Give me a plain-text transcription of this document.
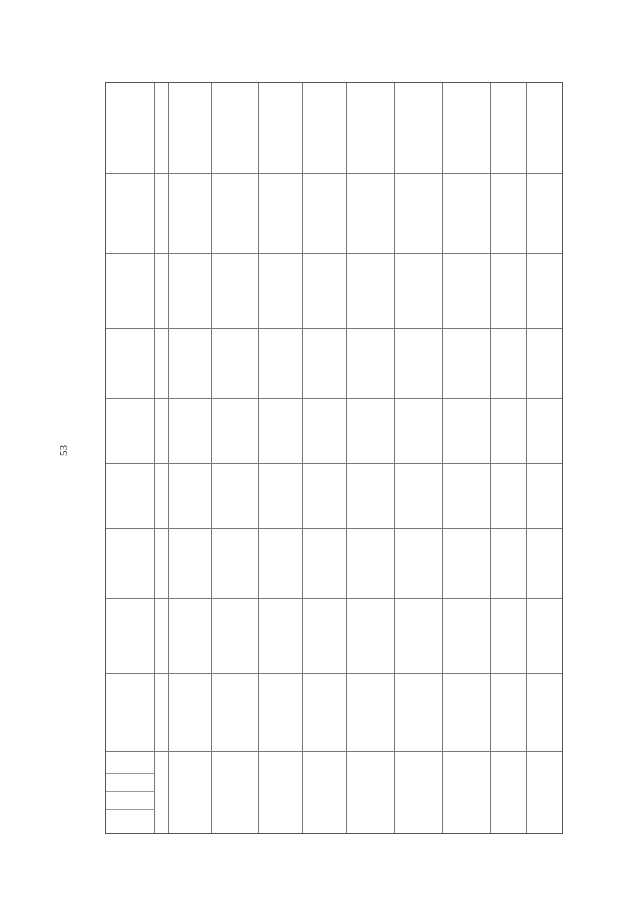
53
